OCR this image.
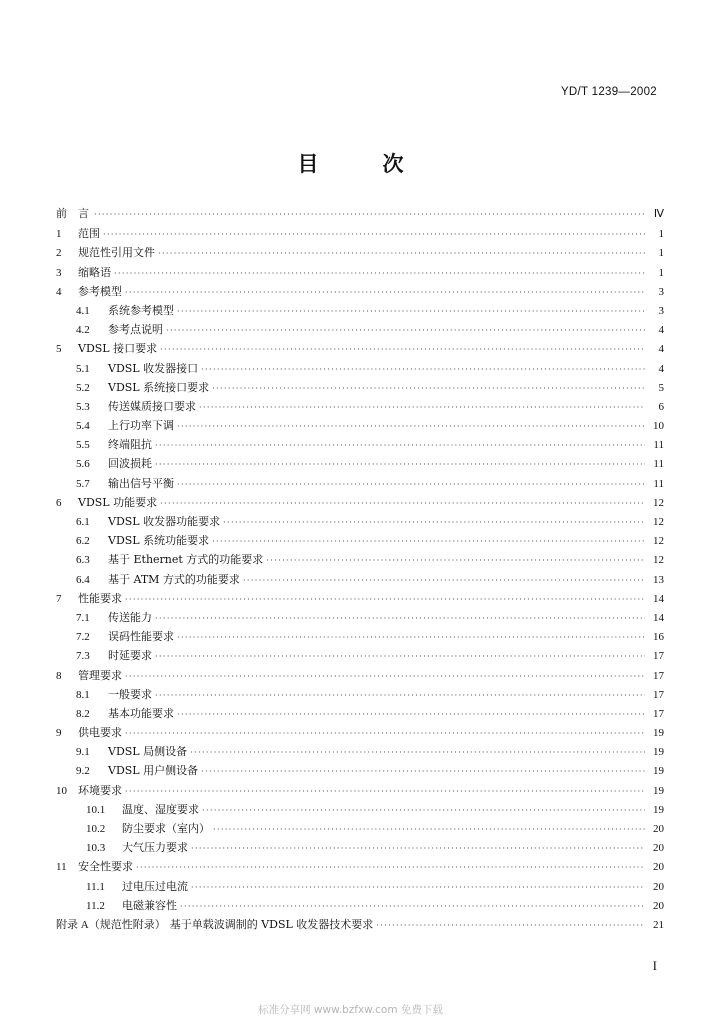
YD/T 1239—2002
目	次
前　言 ·····	Ⅳ
1	范围 ·····	1
2	规范性引用文件 ·····	1
3	缩略语 ·····	1
4	参考模型 ·····	3
4.1	系统参考模型 ·····	3
4.2	参考点说明 ·····	4
5	VDSL 接口要求 ·····	4
5.1	VDSL 收发器接口 ·····	4
5.2	VDSL 系统接口要求 ·····	5
5.3	传送媒质接口要求 ·····	6
5.4	上行功率下调 ·····	10
5.5	终端阻抗 ·····	11
5.6	回波损耗 ·····	11
5.7	输出信号平衡 ·····	11
6	VDSL 功能要求 ·····	12
6.1	VDSL 收发器功能要求 ·····	12
6.2	VDSL 系统功能要求 ·····	12
6.3	基于 Ethernet 方式的功能要求 ·····	12
6.4	基于 ATM 方式的功能要求 ·····	13
7	性能要求 ·····	14
7.1	传送能力 ·····	14
7.2	误码性能要求 ·····	16
7.3	时延要求 ·····	17
8	管理要求 ·····	17
8.1	一般要求 ·····	17
8.2	基本功能要求 ·····	17
9	供电要求 ·····	19
9.1	VDSL 局侧设备 ·····	19
9.2	VDSL 用户侧设备 ·····	19
10	环境要求 ·····	19
10.1	温度、湿度要求 ·····	19
10.2	防尘要求（室内） ·····	20
10.3	大气压力要求 ·····	20
11	安全性要求 ·····	20
11.1	过电压过电流 ·····	20
11.2	电磁兼容性 ·····	20
附录 A（规范性附录） 基于单载波调制的 VDSL 收发器技术要求 ·····	21
I
标准分享网 www.bzfxw.com 免费下载
